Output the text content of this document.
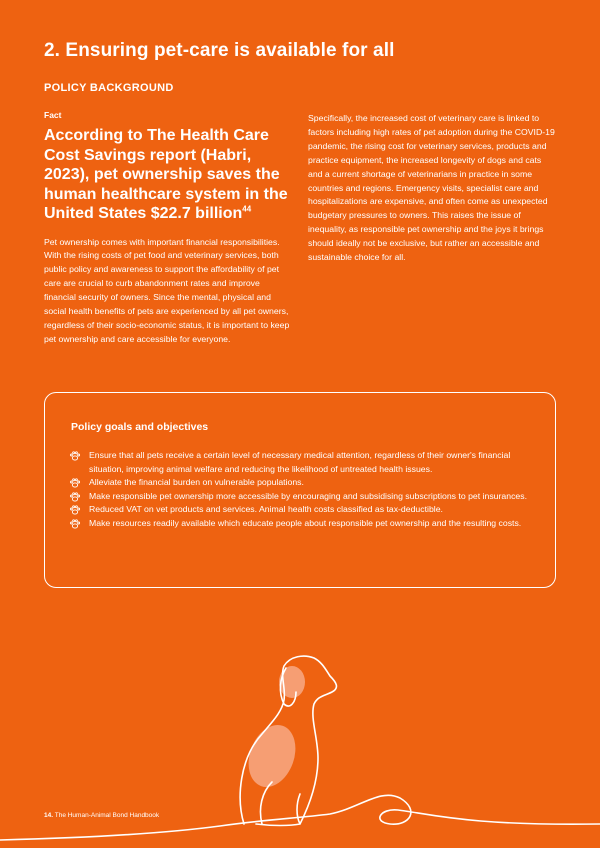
2. Ensuring pet-care is available for all
POLICY BACKGROUND

Fact

According to The Health Care Cost Savings report (Habri, 2023), pet ownership saves the human healthcare system in the United States $22.7 billion$^{44}$

Pet ownership comes with important financial responsibilities. With the rising costs of pet food and veterinary services, both public policy and awareness to support the affordability of pet care are crucial to curb abandonment rates and improve financial security of owners. Since the mental, physical and social health benefits of pets are experienced by all pet owners, regardless of their socio-economic status, it is important to keep pet ownership and care accessible for everyone.

Specifically, the increased cost of veterinary care is linked to factors including high rates of pet adoption during the COVID-19 pandemic, the rising cost for veterinary services, products and practice equipment, the increased longevity of dogs and cats and a current shortage of veterinarians in practice in some countries and regions. Emergency visits, specialist care and hospitalizations are expensive, and often come as unexpected budgetary pressures to owners. This raises the issue of inequality, as responsible pet ownership and the joys it brings should ideally not be exclusive, but rather an accessible and sustainable choice for all.

Policy goals and objectives

Ensure that all pets receive a certain level of necessary medical attention, regardless of their owner's financial situation, improving animal welfare and reducing the likelihood of untreated health issues.
Alleviate the financial burden on vulnerable populations.
Make responsible pet ownership more accessible by encouraging and subsidising subscriptions to pet insurances.
Reduced VAT on vet products and services. Animal health costs classified as tax-deductible.
Make resources readily available which educate people about responsible pet ownership and the resulting costs.

14. The Human-Animal Bond Handbook
